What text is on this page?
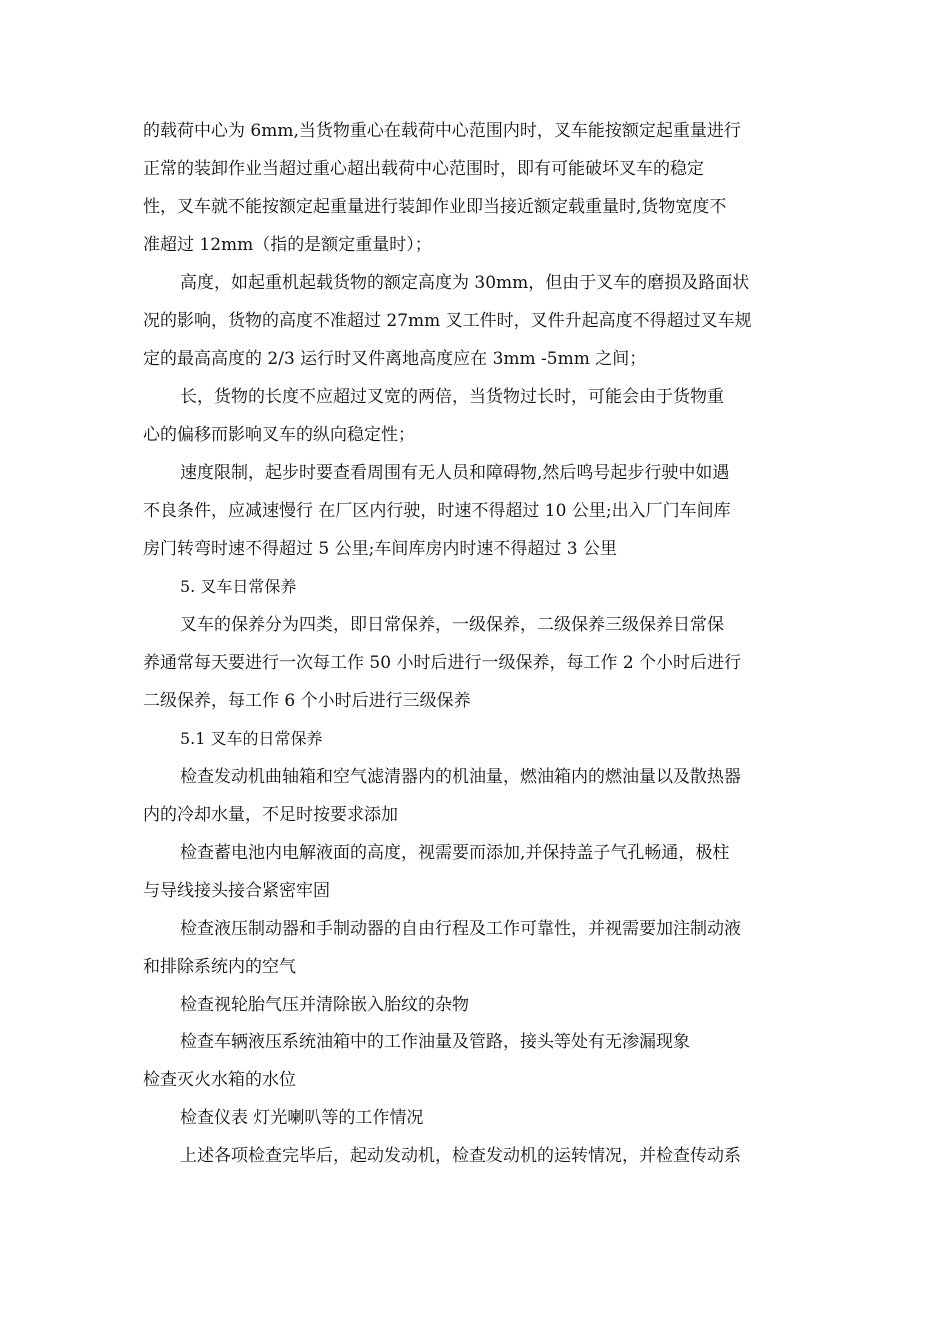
的载荷中心为 6mm,当货物重心在载荷中心范围内时，叉车能按额定起重量进行
正常的装卸作业当超过重心超出载荷中心范围时，即有可能破坏叉车的稳定
性，叉车就不能按额定起重量进行装卸作业即当接近额定载重量时,货物宽度不
准超过 12mm（指的是额定重量时）；
高度，如起重机起载货物的额定高度为 30mm，但由于叉车的磨损及路面状
况的影响，货物的高度不准超过 27mm 叉工件时，叉件升起高度不得超过叉车规
定的最高高度的 2/3 运行时叉件离地高度应在 3mm -5mm 之间；
长，货物的长度不应超过叉宽的两倍，当货物过长时，可能会由于货物重
心的偏移而影响叉车的纵向稳定性；
速度限制，起步时要查看周围有无人员和障碍物,然后鸣号起步行驶中如遇
不良条件，应减速慢行 在厂区内行驶，时速不得超过 10 公里;出入厂门车间库
房门转弯时速不得超过 5 公里;车间库房内时速不得超过 3 公里
5. 叉车日常保养
叉车的保养分为四类，即日常保养，一级保养，二级保养三级保养日常保
养通常每天要进行一次每工作 50 小时后进行一级保养，每工作 2 个小时后进行
二级保养，每工作 6 个小时后进行三级保养
5.1 叉车的日常保养
检查发动机曲轴箱和空气滤清器内的机油量，燃油箱内的燃油量以及散热器
内的冷却水量，不足时按要求添加
检查蓄电池内电解液面的高度，视需要而添加,并保持盖子气孔畅通，极柱
与导线接头接合紧密牢固
检查液压制动器和手制动器的自由行程及工作可靠性，并视需要加注制动液
和排除系统内的空气
检查视轮胎气压并清除嵌入胎纹的杂物
检查车辆液压系统油箱中的工作油量及管路，接头等处有无渗漏现象
检查灭火水箱的水位
检查仪表 灯光喇叭等的工作情况
上述各项检查完毕后，起动发动机，检查发动机的运转情况，并检查传动系
